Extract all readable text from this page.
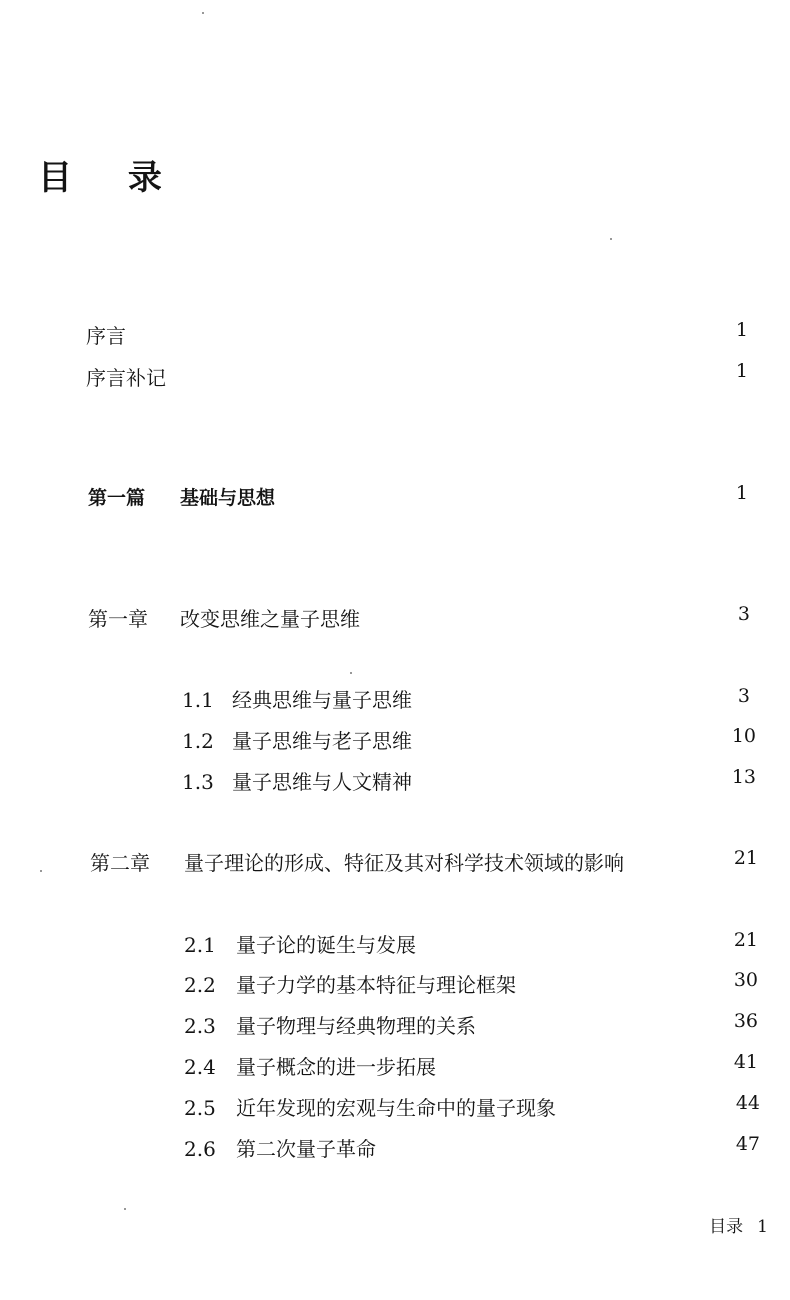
目 录
序言	1
序言补记	1
第一篇 基础与思想	1
第一章 改变思维之量子思维	3
1.1 经典思维与量子思维	3
1.2 量子思维与老子思维	10
1.3 量子思维与人文精神	13
第二章 量子理论的形成、特征及其对科学技术领域的影响	21
2.1 量子论的诞生与发展	21
2.2 量子力学的基本特征与理论框架	30
2.3 量子物理与经典物理的关系	36
2.4 量子概念的进一步拓展	41
2.5 近年发现的宏观与生命中的量子现象	44
2.6 第二次量子革命	47
目录 1
